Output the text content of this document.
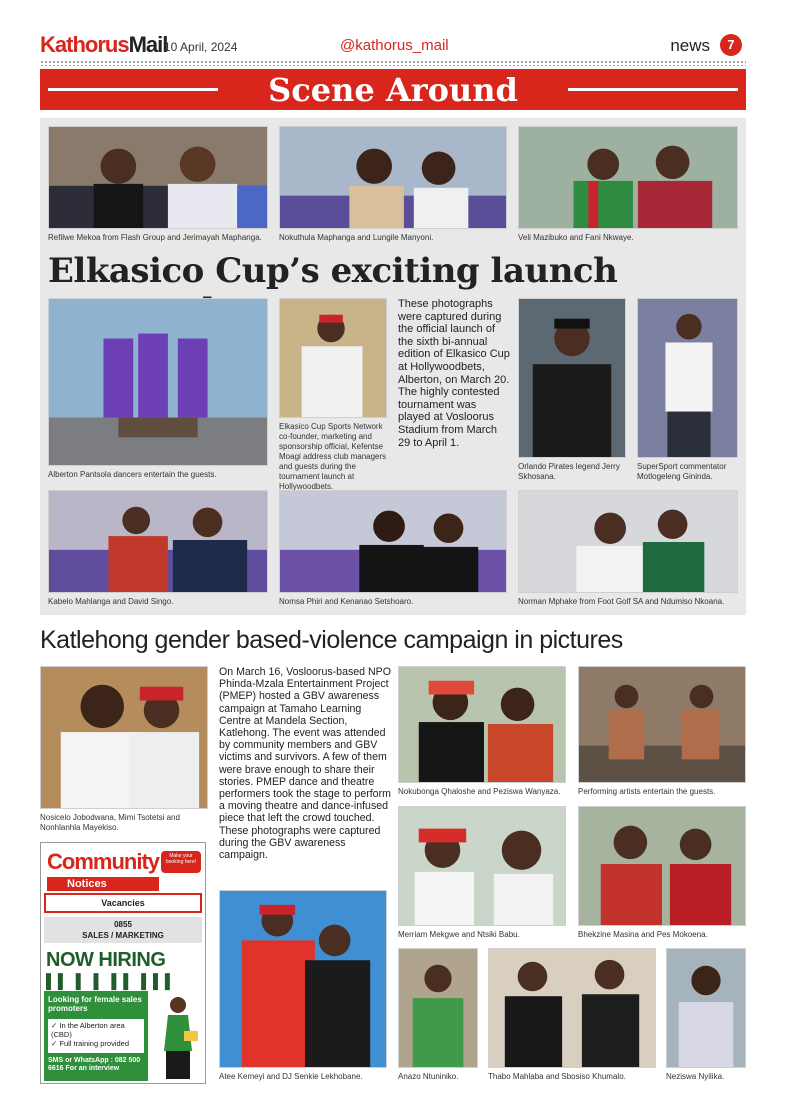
KathorusMail
10 April, 2024	@kathorus_mail	news	7
Scene Around
Refilwe Mekoa from Flash Group and Jerimayah Maphanga.	Nokuthula Maphanga and Lungile Manyoni.	Veli Mazibuko and Fani Nkwaye.
Elkasico Cup’s exciting launch
Elkasico Cup Sports Network co-founder, marketing and sponsorship official, Kefentse Moagi address club managers and guests during the tournament launch at Hollywoodbets.
These photographs were captured during the official launch of the sixth bi-annual edition of Elkasico Cup at Hollywoodbets, Alberton, on March 20. The highly contested tournament was played at Vosloorus Stadium from March 29 to April 1.
Alberton Pantsola dancers entertain the guests.
Orlando Pirates legend Jerry Skhosana.
SuperSport commentator Motlogeleng Gininda.
Kabelo Mahlanga and David Singo.	Nomsa Phiri and Kenanao Setshoaro.	Norman Mphake from Foot Golf SA and Ndumiso Nkoana.
Katlehong gender based-violence campaign in pictures
Nosicelo Jobodwana, Mimi Tsotetsi and Nonhlanhla Mayekiso.
On March 16, Vosloorus-based NPO Phinda-Mzala Entertainment Project (PMEP) hosted a GBV awareness campaign at Tamaho Learning Centre at Mandela Section, Katlehong. The event was attended by community members and GBV victims and survivors. A few of them were brave enough to share their stories. PMEP dance and theatre performers took the stage to perform a moving theatre and dance-infused piece that left the crowd touched. These photographs were captured during the GBV awareness campaign.
Atee Kemeyi and DJ Senkie Lekhobane.
Nokubonga Qhaloshe and Peziswa Wanyaza.	Performing artists entertain the guests.
Merriam Mekgwe and Ntsiki Babu.	Bhekzine Masina and Pes Mokoena.
Anazo Ntuniniko.	Thabo Mahlaba and Sbosiso Khumalo.	Neziswa Nyilika.
Community
Notices
Make your booking here!
Vacancies
0855
SALES / MARKETING
NOW HIRING
▌▌ ▌ ▌ ▌▌ ▌▌▌
Looking for female sales promoters
✓ In the Alberton area (CBD)
✓ Full training provided
SMS or WhatsApp : 082 500 6616 For an interview
